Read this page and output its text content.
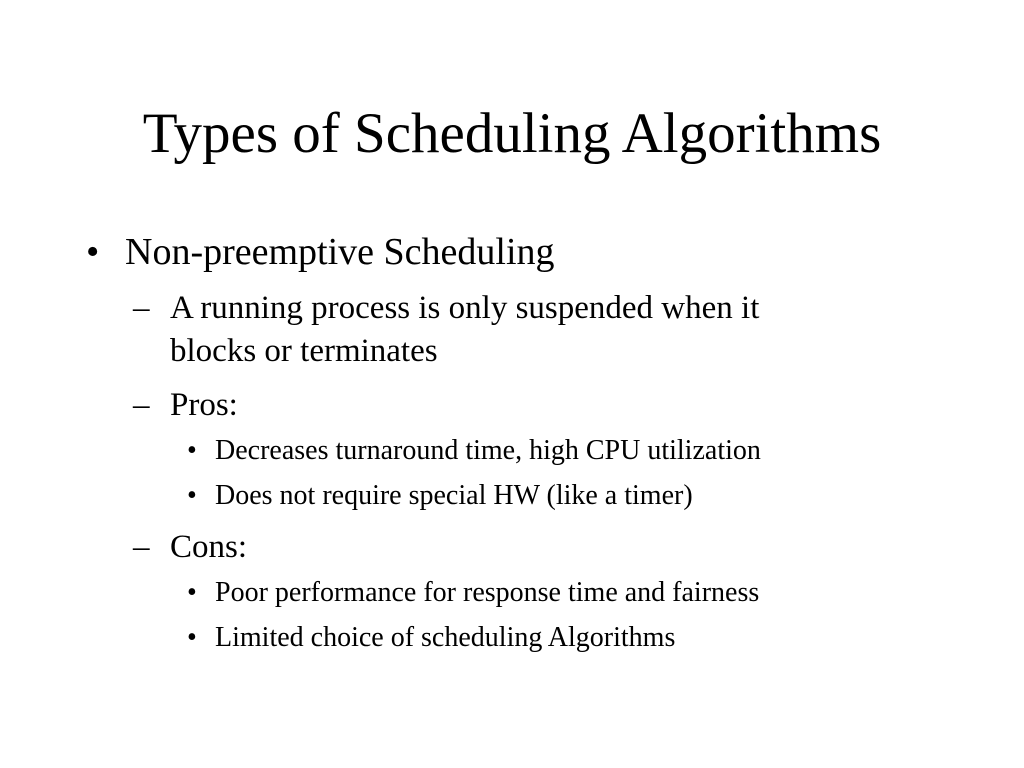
Types of Scheduling Algorithms
• Non-preemptive Scheduling
– A running process is only suspended when it
blocks or terminates
– Pros:
• Decreases turnaround time, high CPU utilization
• Does not require special HW (like a timer)
– Cons:
• Poor performance for response time and fairness
• Limited choice of scheduling Algorithms
